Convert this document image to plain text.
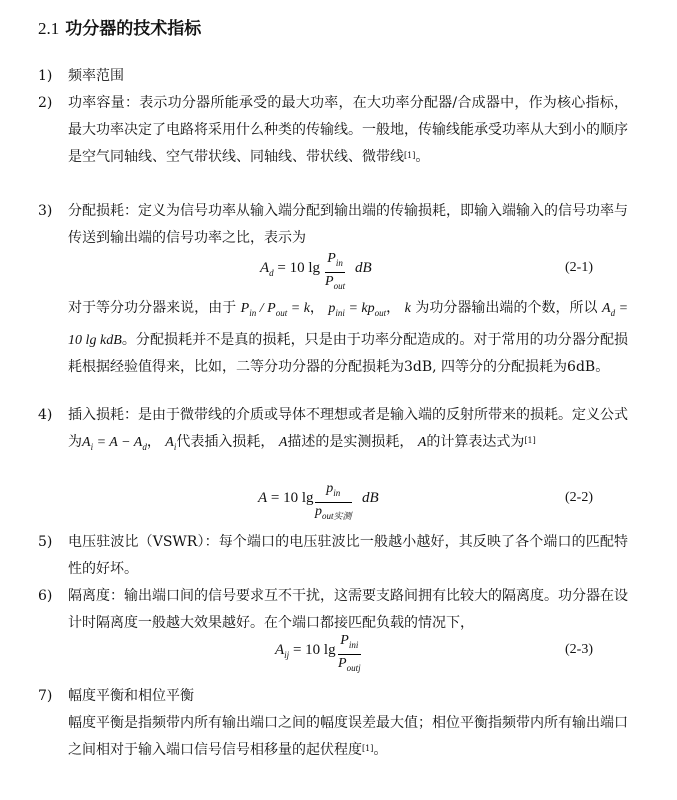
2.1 功分器的技术指标
1)	频率范围
2)	功率容量：表示功分器所能承受的最大功率，在大功率分配器/合成器中，作为核心指标，最大功率决定了电路将采用什么种类的传输线。一般地，传输线能承受功率从大到小的顺序是空气同轴线、空气带状线、同轴线、带状线、微带线[1]。
3)	分配损耗：定义为信号功率从输入端分配到输出端的传输损耗，即输入端输入的信号功率与传送到输出端的信号功率之比，表示为
$A_d = 10$ lg
$P_{in}$
$P_{out}$
dB	(2-1)
对于等分功分器来说，由于 $P_{in} / P_{out} = k$， $p_{ini} = kp_{out}$， k 为功分器输出端的个数，所以 $A_d = 10$ lg kdB。分配损耗并不是真的损耗，只是由于功率分配造成的。对于常用的功分器分配损耗根据经验值得来，比如，二等分功分器的分配损耗为3dB, 四等分的分配损耗为6dB。
4)	插入损耗：是由于微带线的介质或导体不理想或者是输入端的反射所带来的损耗。定义公式为$A_i = A - A_d$， $A_i$代表插入损耗， A描述的是实测损耗， A的计算表达式为[1]
A = 10 lg
$p_{in}$
$p_{out实测}$
dB	(2-2)
5)	电压驻波比（VSWR）：每个端口的电压驻波比一般越小越好，其反映了各个端口的匹配特性的好坏。
6)	隔离度：输出端口间的信号要求互不干扰，这需要支路间拥有比较大的隔离度。功分器在设计时隔离度一般越大效果越好。在个端口都接匹配负载的情况下，
$A_{ij} = 10$ lg
$P_{ini}$
$P_{outj}$
(2-3)
7)	幅度平衡和相位平衡
幅度平衡是指频带内所有输出端口之间的幅度误差最大值；相位平衡指频带内所有输出端口之间相对于输入端口信号信号相移量的起伏程度[1]。
